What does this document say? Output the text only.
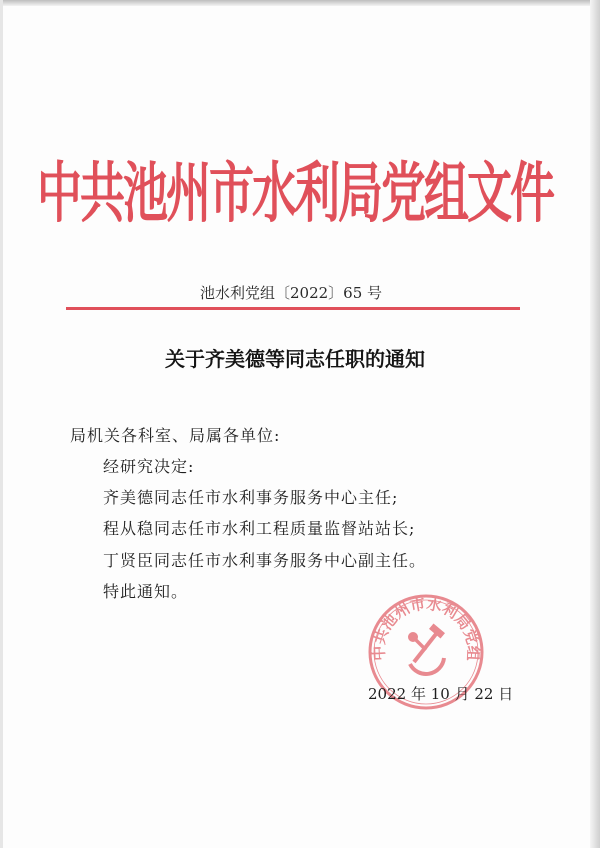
中共池州市水利局党组文件
池水利党组〔2022〕65 号
关于齐美德等同志任职的通知
局机关各科室、局属各单位:
经研究决定:
齐美德同志任市水利事务服务中心主任;
程从稳同志任市水利工程质量监督站站长;
丁贤臣同志任市水利事务服务中心副主任。
特此通知。
中共池州市水利局党组
2022 年 10 月 22 日
